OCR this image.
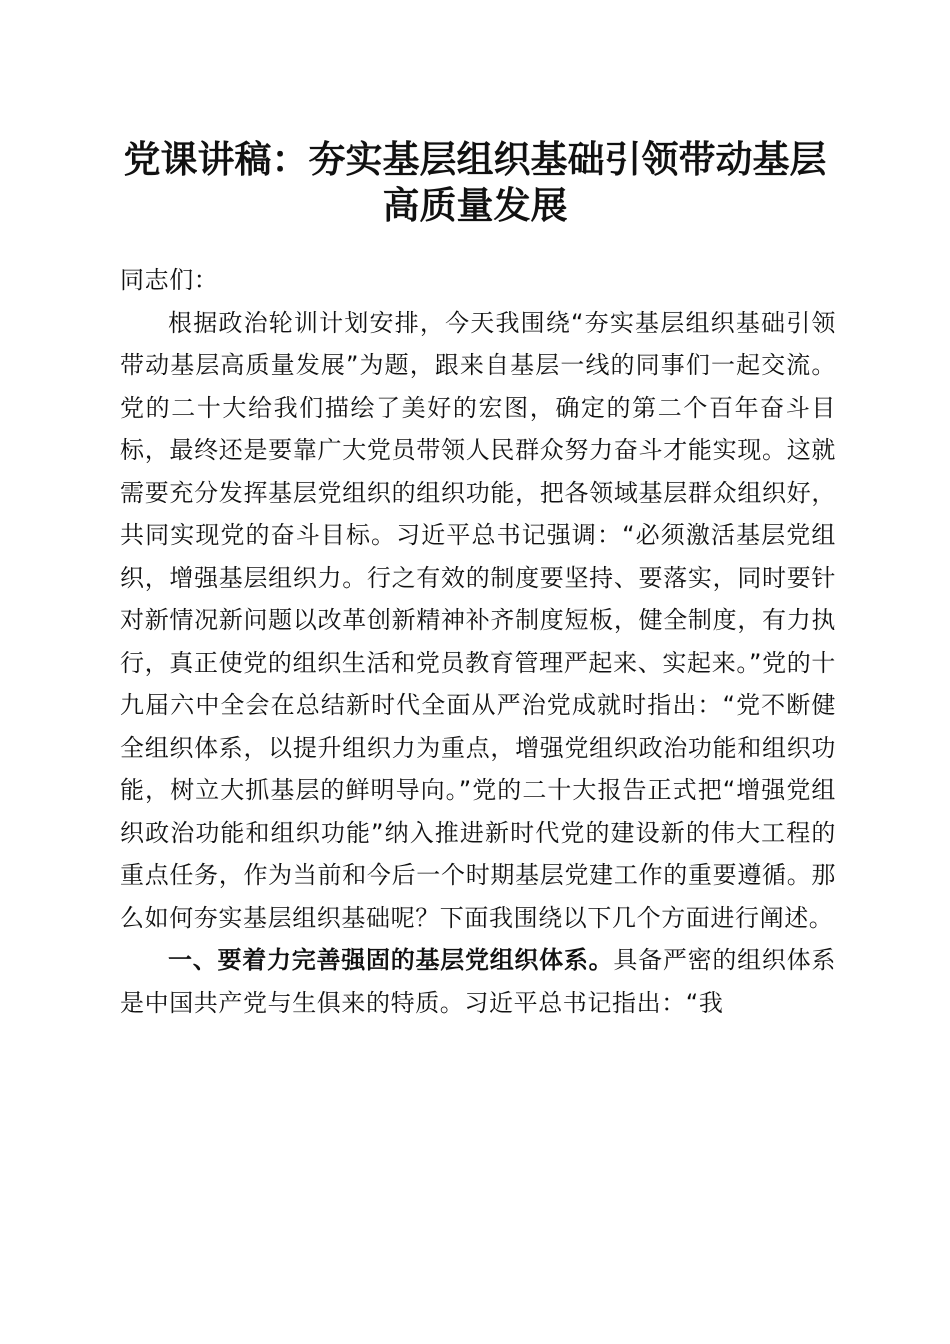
党课讲稿：夯实基层组织基础引领带动基层高质量发展

同志们：

根据政治轮训计划安排，今天我围绕“夯实基层组织基础引领带动基层高质量发展”为题，跟来自基层一线的同事们一起交流。党的二十大给我们描绘了美好的宏图，确定的第二个百年奋斗目标，最终还是要靠广大党员带领人民群众努力奋斗才能实现。这就需要充分发挥基层党组织的组织功能，把各领域基层群众组织好，共同实现党的奋斗目标。习近平总书记强调：“必须激活基层党组织，增强基层组织力。行之有效的制度要坚持、要落实，同时要针对新情况新问题以改革创新精神补齐制度短板，健全制度，有力执行，真正使党的组织生活和党员教育管理严起来、实起来。”党的十九届六中全会在总结新时代全面从严治党成就时指出：“党不断健全组织体系，以提升组织力为重点，增强党组织政治功能和组织功能，树立大抓基层的鲜明导向。”党的二十大报告正式把“增强党组织政治功能和组织功能”纳入推进新时代党的建设新的伟大工程的重点任务，作为当前和今后一个时期基层党建工作的重要遵循。那么如何夯实基层组织基础呢？下面我围绕以下几个方面进行阐述。

一、要着力完善强固的基层党组织体系。具备严密的组织体系是中国共产党与生俱来的特质。习近平总书记指出：“我
